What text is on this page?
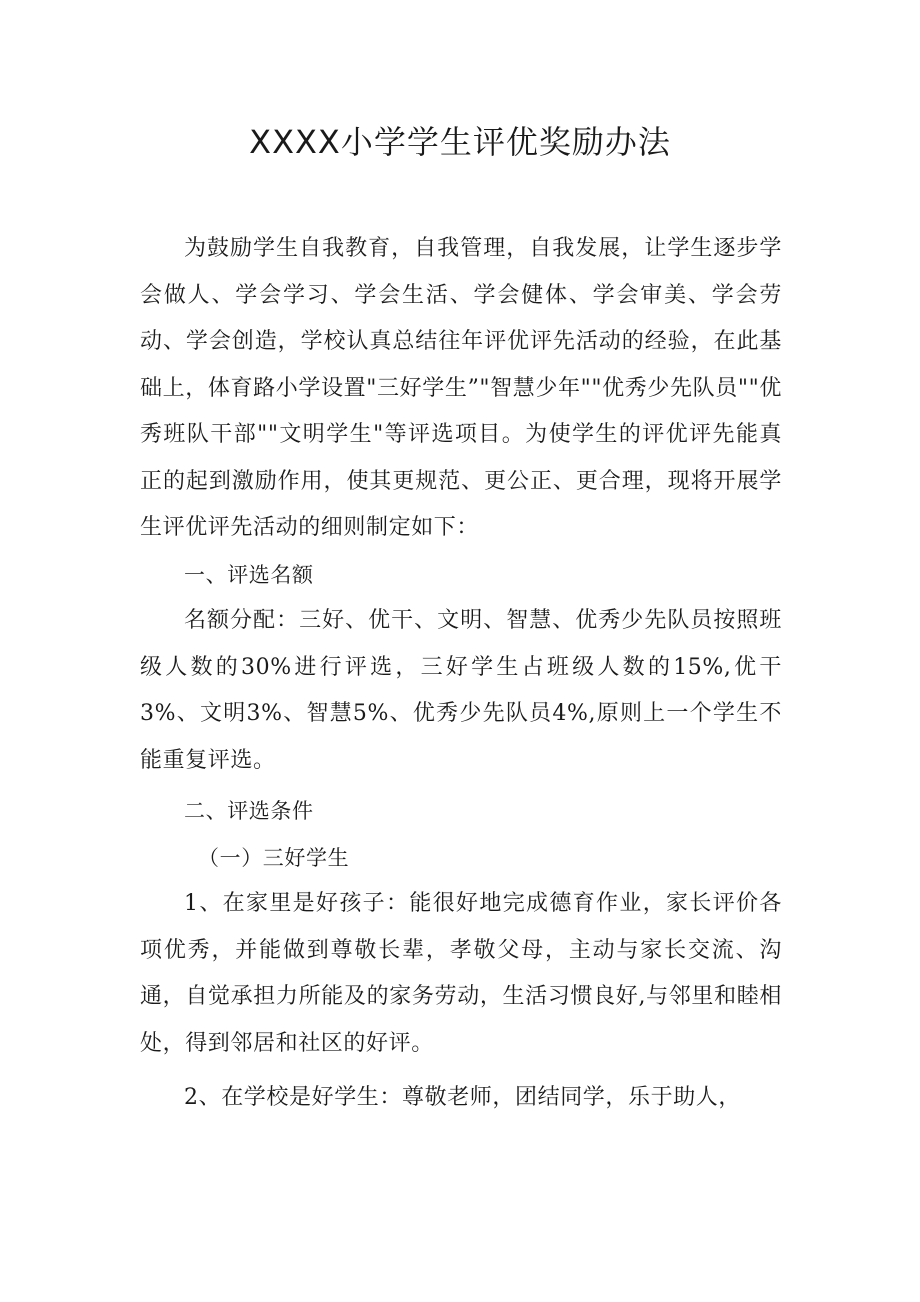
XXXX小学学生评优奖励办法

为鼓励学生自我教育，自我管理，自我发展，让学生逐步学会做人、学会学习、学会生活、学会健体、学会审美、学会劳动、学会创造，学校认真总结往年评优评先活动的经验，在此基础上，体育路小学设置"三好学生”"智慧少年""优秀少先队员""优秀班队干部""文明学生"等评选项目。为使学生的评优评先能真正的起到激励作用，使其更规范、更公正、更合理，现将开展学生评优评先活动的细则制定如下：

一、评选名额

名额分配：三好、优干、文明、智慧、优秀少先队员按照班级人数的30%进行评选，三好学生占班级人数的15%,优干3%、文明3%、智慧5%、优秀少先队员4%,原则上一个学生不能重复评选。

二、评选条件

（一）三好学生

1、在家里是好孩子：能很好地完成德育作业，家长评价各项优秀，并能做到尊敬长辈，孝敬父母，主动与家长交流、沟通，自觉承担力所能及的家务劳动，生活习惯良好,与邻里和睦相处，得到邻居和社区的好评。

2、在学校是好学生：尊敬老师，团结同学，乐于助人，
